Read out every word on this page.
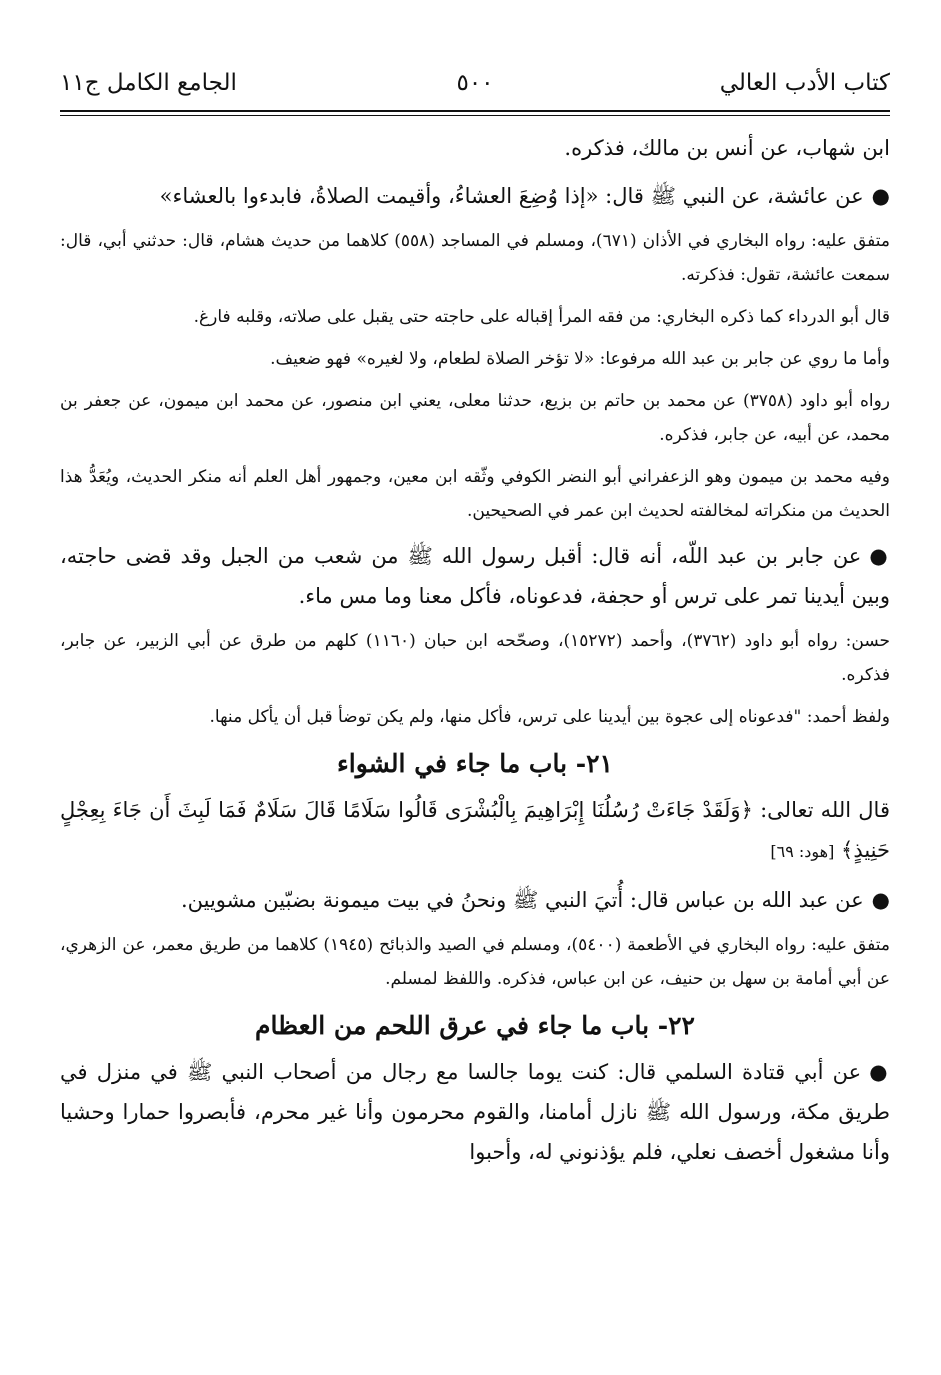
كتاب الأدب العالي
٥٠٠
الجامع الكامل ج١١

ابن شهاب، عن أنس بن مالك، فذكره.

●عن عائشة، عن النبي ﷺ قال: «إذا وُضِعَ العشاءُ، وأقيمت الصلاةُ، فابدءوا بالعشاء»

متفق عليه: رواه البخاري في الأذان (٦٧١)، ومسلم في المساجد (٥٥٨) كلاهما من حديث هشام، قال: حدثني أبي، قال: سمعت عائشة، تقول: فذكرته.

قال أبو الدرداء كما ذكره البخاري: من فقه المرأ إقباله على حاجته حتى يقبل على صلاته، وقلبه فارغ.

وأما ما روي عن جابر بن عبد الله مرفوعا: «لا تؤخر الصلاة لطعام، ولا لغيره» فهو ضعيف.

رواه أبو داود (٣٧٥٨) عن محمد بن حاتم بن بزيع، حدثنا معلى، يعني ابن منصور، عن محمد ابن ميمون، عن جعفر بن محمد، عن أبيه، عن جابر، فذكره.

وفيه محمد بن ميمون وهو الزعفراني أبو النضر الكوفي وثّقه ابن معين، وجمهور أهل العلم أنه منكر الحديث، ويُعَدُّ هذا الحديث من منكراته لمخالفته لحديث ابن عمر في الصحيحين.

●عن جابر بن عبد اللّه، أنه قال: أقبل رسول الله ﷺ من شعب من الجبل وقد قضى حاجته، وبين أيدينا تمر على ترس أو حجفة، فدعوناه، فأكل معنا وما مس ماء.

حسن: رواه أبو داود (٣٧٦٢)، وأحمد (١٥٢٧٢)، وصحّحه ابن حبان (١١٦٠) كلهم من طرق عن أبي الزبير، عن جابر، فذكره.

ولفظ أحمد: "فدعوناه إلى عجوة بين أيدينا على ترس، فأكل منها، ولم يكن توضأ قبل أن يأكل منها.

٢١- باب ما جاء في الشواء

قال الله تعالى: ﴿وَلَقَدْ جَاءَتْ رُسُلُنَا إِبْرَاهِيمَ بِالْبُشْرَى قَالُوا سَلَامًا قَالَ سَلَامٌ فَمَا لَبِثَ أَن جَاءَ بِعِجْلٍ حَنِيذٍ﴾ [هود: ٦٩]

●عن عبد الله بن عباس قال: أُتيَ النبي ﷺ ونحنُ في بيت ميمونة بضبّين مشويين.

متفق عليه: رواه البخاري في الأطعمة (٥٤٠٠)، ومسلم في الصيد والذبائح (١٩٤٥) كلاهما من طريق معمر، عن الزهري، عن أبي أمامة بن سهل بن حنيف، عن ابن عباس، فذكره. واللفظ لمسلم.

٢٢- باب ما جاء في عرق اللحم من العظام

●عن أبي قتادة السلمي قال: كنت يوما جالسا مع رجال من أصحاب النبي ﷺ في منزل في طريق مكة، ورسول الله ﷺ نازل أمامنا، والقوم محرمون وأنا غير محرم، فأبصروا حمارا وحشيا وأنا مشغول أخصف نعلي، فلم يؤذنوني له، وأحبوا
